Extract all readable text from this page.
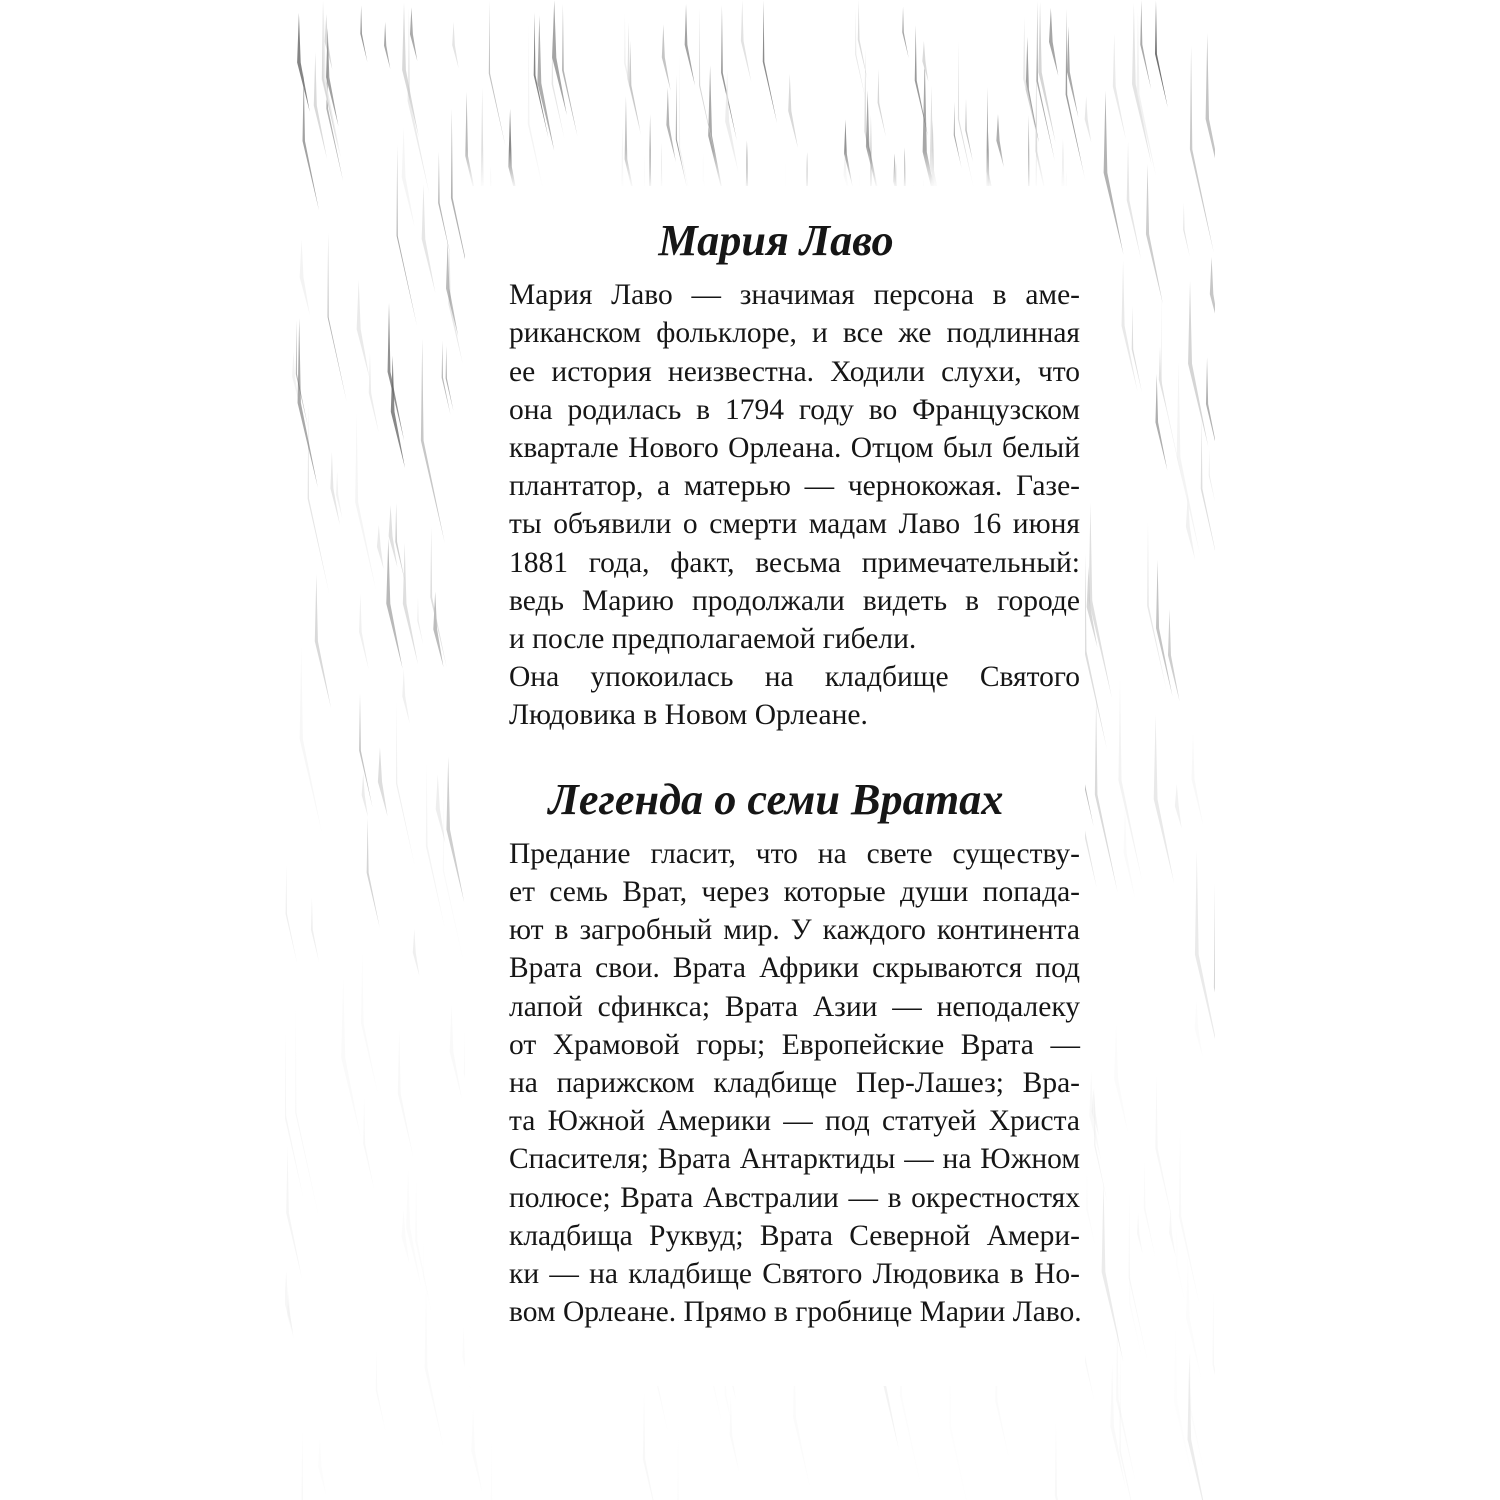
Мария Лаво

Мария Лаво — значимая персона в аме-
риканском фольклоре, и все же подлинная
ее история неизвестна. Ходили слухи, что
она родилась в 1794 году во Французском
квартале Нового Орлеана. Отцом был белый
плантатор, а матерью — чернокожая. Газе-
ты объявили о смерти мадам Лаво 16 июня
1881 года, факт, весьма примечательный:
ведь Марию продолжали видеть в городе
и после предполагаемой гибели.

Она упокоилась на кладбище Святого
Людовика в Новом Орлеане.

Легенда о семи Вратах

Предание гласит, что на свете существу-
ет семь Врат, через которые души попада-
ют в загробный мир. У каждого континента
Врата свои. Врата Африки скрываются под
лапой сфинкса; Врата Азии — неподалеку
от Храмовой горы; Европейские Врата —
на парижском кладбище Пер-Лашез; Вра-
та Южной Америки — под статуей Христа
Спасителя; Врата Антарктиды — на Южном
полюсе; Врата Австралии — в окрестностях
кладбища Руквуд; Врата Северной Амери-
ки — на кладбище Святого Людовика в Но-
вом Орлеане. Прямо в гробнице Марии Лаво.
